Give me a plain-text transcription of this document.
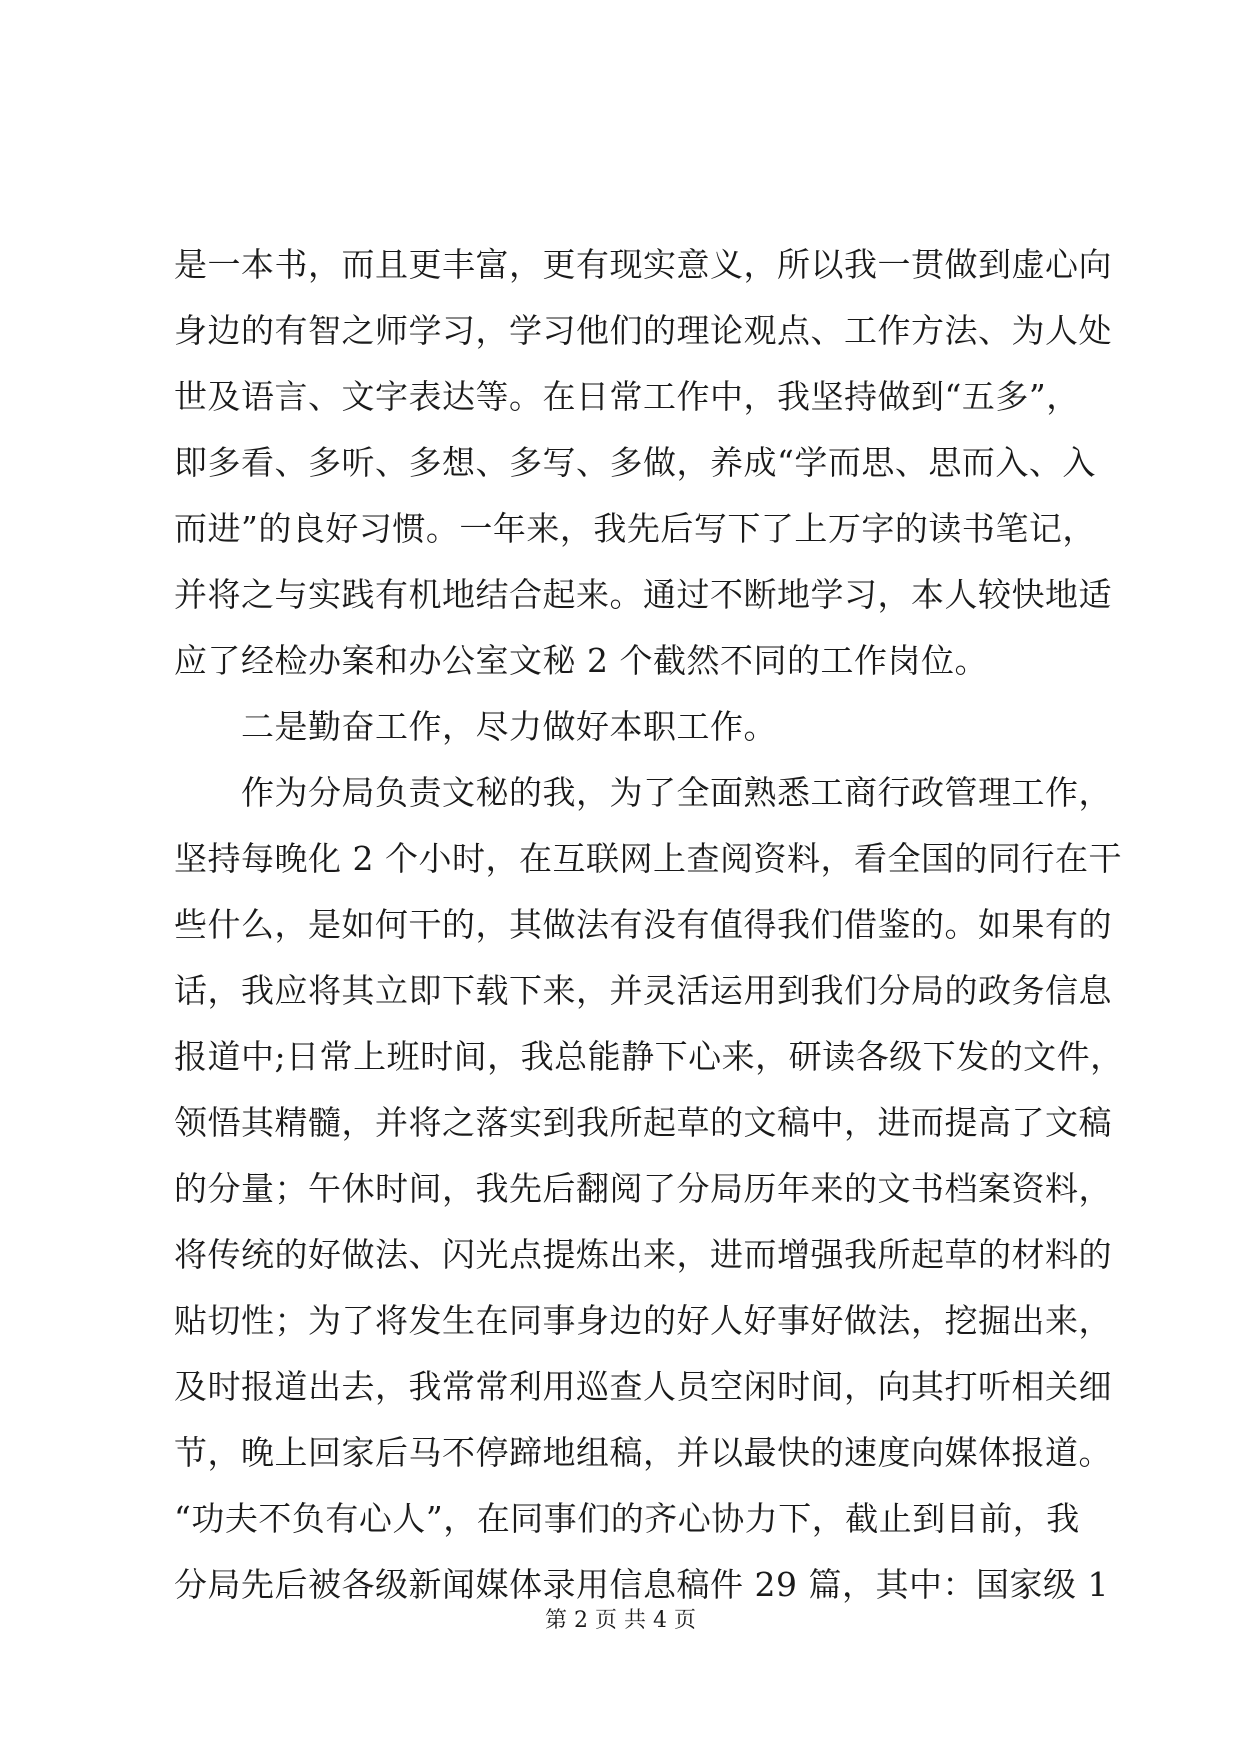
是一本书，而且更丰富，更有现实意义，所以我一贯做到虚心向
身边的有智之师学习，学习他们的理论观点、工作方法、为人处
世及语言、文字表达等。在日常工作中，我坚持做到“五多”，
即多看、多听、多想、多写、多做，养成“学而思、思而入、入
而进”的良好习惯。一年来，我先后写下了上万字的读书笔记，
并将之与实践有机地结合起来。通过不断地学习，本人较快地适
应了经检办案和办公室文秘 2 个截然不同的工作岗位。
　　二是勤奋工作，尽力做好本职工作。
　　作为分局负责文秘的我，为了全面熟悉工商行政管理工作，
坚持每晚化 2 个小时，在互联网上查阅资料，看全国的同行在干
些什么，是如何干的，其做法有没有值得我们借鉴的。如果有的
话，我应将其立即下载下来，并灵活运用到我们分局的政务信息
报道中;日常上班时间，我总能静下心来，研读各级下发的文件，
领悟其精髓，并将之落实到我所起草的文稿中，进而提高了文稿
的分量；午休时间，我先后翻阅了分局历年来的文书档案资料，
将传统的好做法、闪光点提炼出来，进而增强我所起草的材料的
贴切性；为了将发生在同事身边的好人好事好做法，挖掘出来，
及时报道出去，我常常利用巡查人员空闲时间，向其打听相关细
节，晚上回家后马不停蹄地组稿，并以最快的速度向媒体报道。
“功夫不负有心人”，在同事们的齐心协力下，截止到目前，我
分局先后被各级新闻媒体录用信息稿件 29 篇，其中：国家级 1
第 2 页 共 4 页
